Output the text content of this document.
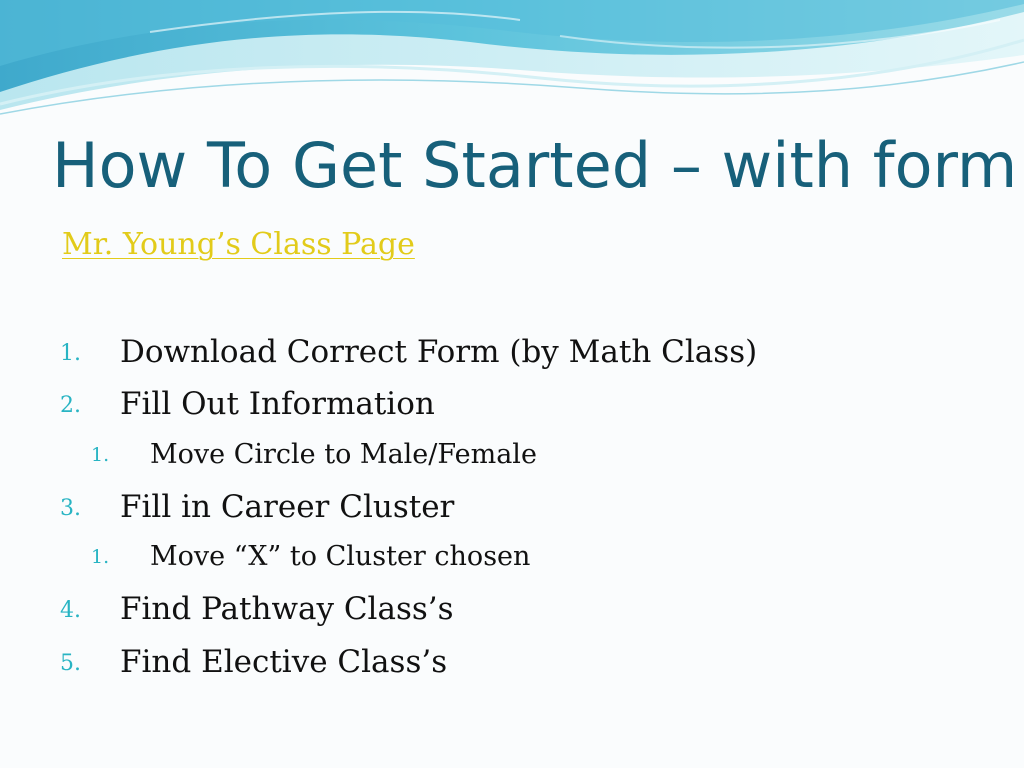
How To Get Started – with form
Mr. Young’s Class Page
1. Download Correct Form (by Math Class)
2. Fill Out Information
1. Move Circle to Male/Female
3. Fill in Career Cluster
1. Move “X” to Cluster chosen
4. Find Pathway Class’s
5. Find Elective Class’s
